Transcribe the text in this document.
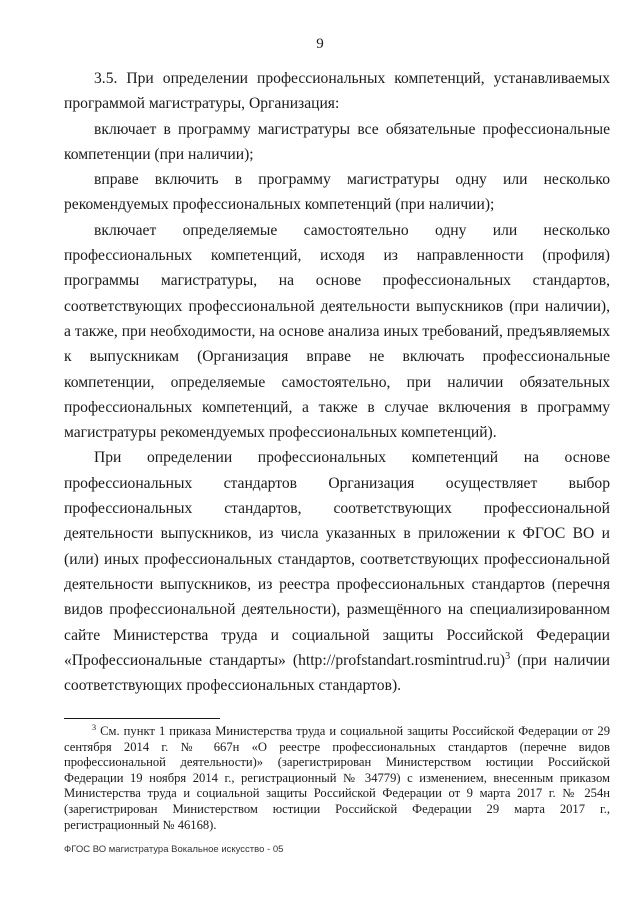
9

3.5. При определении профессиональных компетенций, устанавливаемых программой магистратуры, Организация:

включает в программу магистратуры все обязательные профессиональные компетенции (при наличии);

вправе включить в программу магистратуры одну или несколько рекомендуемых профессиональных компетенций (при наличии);

включает определяемые самостоятельно одну или несколько профессиональных компетенций, исходя из направленности (профиля) программы магистратуры, на основе профессиональных стандартов, соответствующих профессиональной деятельности выпускников (при наличии), а также, при необходимости, на основе анализа иных требований, предъявляемых к выпускникам (Организация вправе не включать профессиональные компетенции, определяемые самостоятельно, при наличии обязательных профессиональных компетенций, а также в случае включения в программу магистратуры рекомендуемых профессиональных компетенций).

При определении профессиональных компетенций на основе профессиональных стандартов Организация осуществляет выбор профессиональных стандартов, соответствующих профессиональной деятельности выпускников, из числа указанных в приложении к ФГОС ВО и (или) иных профессиональных стандартов, соответствующих профессиональной деятельности выпускников, из реестра профессиональных стандартов (перечня видов профессиональной деятельности), размещённого на специализированном сайте Министерства труда и социальной защиты Российской Федерации «Профессиональные стандарты» (http://profstandart.rosmintrud.ru)$^3$ (при наличии соответствующих профессиональных стандартов).

$^3$ См. пункт 1 приказа Министерства труда и социальной защиты Российской Федерации от 29 сентября 2014 г. № 667н «О реестре профессиональных стандартов (перечне видов профессиональной деятельности)» (зарегистрирован Министерством юстиции Российской Федерации 19 ноября 2014 г., регистрационный № 34779) с изменением, внесенным приказом Министерства труда и социальной защиты Российской Федерации от 9 марта 2017 г. № 254н (зарегистрирован Министерством юстиции Российской Федерации 29 марта 2017 г., регистрационный № 46168).

ФГОС ВО магистратура Вокальное искусство - 05
